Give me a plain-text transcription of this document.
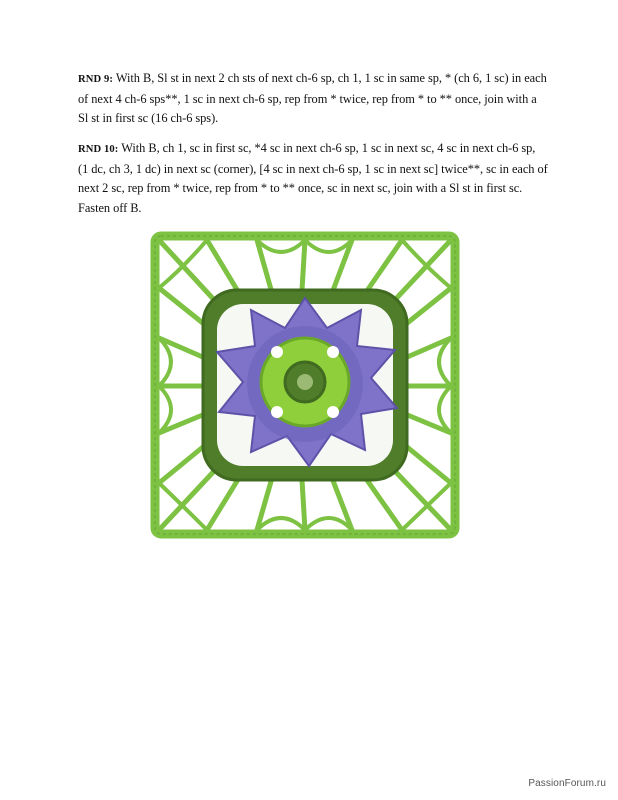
RND 9: With B, Sl st in next 2 ch sts of next ch-6 sp, ch 1, 1 sc in same sp, * (ch 6, 1 sc) in each of next 4 ch-6 sps**, 1 sc in next ch-6 sp, rep from * twice, rep from * to ** once, join with a Sl st in first sc (16 ch-6 sps).

RND 10: With B, ch 1, sc in first sc, *4 sc in next ch-6 sp, 1 sc in next sc, 4 sc in next ch-6 sp, (1 dc, ch 3, 1 dc) in next sc (corner), [4 sc in next ch-6 sp, 1 sc in next sc] twice**, sc in each of next 2 sc, rep from * twice, rep from * to ** once, sc in next sc, join with a Sl st in first sc. Fasten off B.

PassionForum.ru
